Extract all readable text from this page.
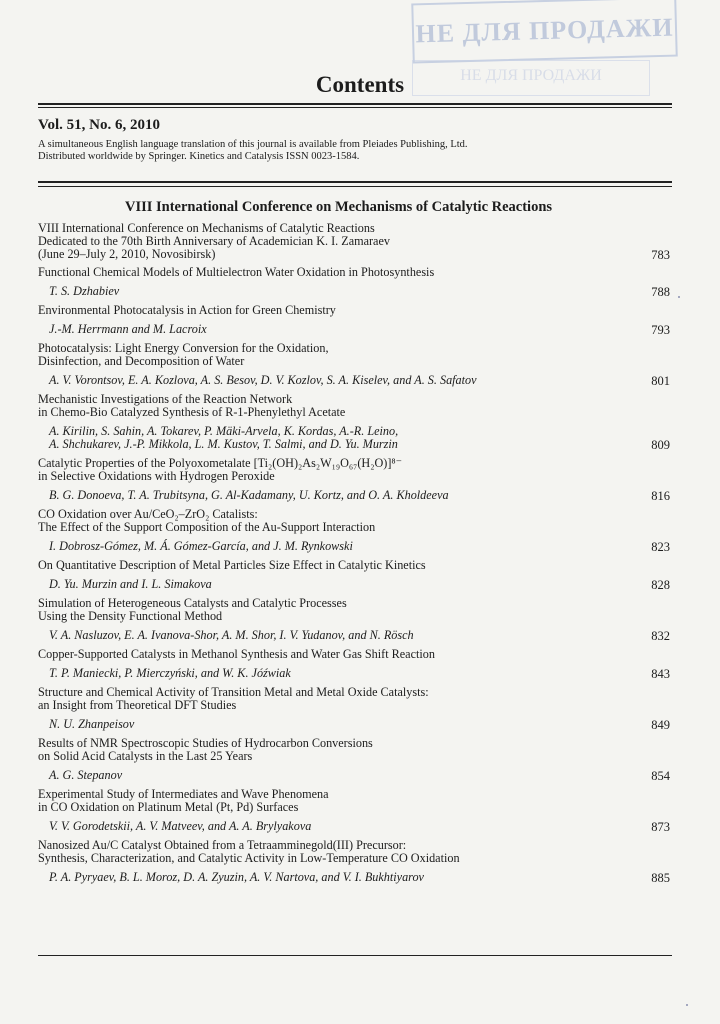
НЕ ДЛЯ ПРОДАЖИ
НЕ ДЛЯ ПРОДАЖИ
Contents
Vol. 51, No. 6, 2010
A simultaneous English language translation of this journal is available from Pleiades Publishing, Ltd.
Distributed worldwide by Springer. Kinetics and Catalysis ISSN 0023-1584.
VIII International Conference on Mechanisms of Catalytic Reactions
VIII International Conference on Mechanisms of Catalytic Reactions
Dedicated to the 70th Birth Anniversary of Academician K. I. Zamaraev
(June 29–July 2, 2010, Novosibirsk)	783
Functional Chemical Models of Multielectron Water Oxidation in Photosynthesis
T. S. Dzhabiev	788
Environmental Photocatalysis in Action for Green Chemistry
J.-M. Herrmann and M. Lacroix	793
Photocatalysis: Light Energy Conversion for the Oxidation,
Disinfection, and Decomposition of Water
A. V. Vorontsov, E. A. Kozlova, A. S. Besov, D. V. Kozlov, S. A. Kiselev, and A. S. Safatov	801
Mechanistic Investigations of the Reaction Network
in Chemo-Bio Catalyzed Synthesis of R-1-Phenylethyl Acetate
A. Kirilin, S. Sahin, A. Tokarev, P. Mäki-Arvela, K. Kordas, A.-R. Leino,
A. Shchukarev, J.-P. Mikkola, L. M. Kustov, T. Salmi, and D. Yu. Murzin	809
Catalytic Properties of the Polyoxometalate [Ti₂(OH)₂As₂W₁₉O₆₇(H₂O)]⁸⁻
in Selective Oxidations with Hydrogen Peroxide
B. G. Donoeva, T. A. Trubitsyna, G. Al-Kadamany, U. Kortz, and O. A. Kholdeeva	816
CO Oxidation over Au/CeO₂–ZrO₂ Catalists:
The Effect of the Support Composition of the Au-Support Interaction
I. Dobrosz-Gómez, M. Á. Gómez-García, and J. M. Rynkowski	823
On Quantitative Description of Metal Particles Size Effect in Catalytic Kinetics
D. Yu. Murzin and I. L. Simakova	828
Simulation of Heterogeneous Catalysts and Catalytic Processes
Using the Density Functional Method
V. A. Nasluzov, E. A. Ivanova-Shor, A. M. Shor, I. V. Yudanov, and N. Rösch	832
Copper-Supported Catalysts in Methanol Synthesis and Water Gas Shift Reaction
T. P. Maniecki, P. Mierczyński, and W. K. Jóźwiak	843
Structure and Chemical Activity of Transition Metal and Metal Oxide Catalysts:
an Insight from Theoretical DFT Studies
N. U. Zhanpeisov	849
Results of NMR Spectroscopic Studies of Hydrocarbon Conversions
on Solid Acid Catalysts in the Last 25 Years
A. G. Stepanov	854
Experimental Study of Intermediates and Wave Phenomena
in CO Oxidation on Platinum Metal (Pt, Pd) Surfaces
V. V. Gorodetskii, A. V. Matveev, and A. A. Brylyakova	873
Nanosized Au/C Catalyst Obtained from a Tetraamminegold(III) Precursor:
Synthesis, Characterization, and Catalytic Activity in Low-Temperature CO Oxidation
P. A. Pyryaev, B. L. Moroz, D. A. Zyuzin, A. V. Nartova, and V. I. Bukhtiyarov	885
